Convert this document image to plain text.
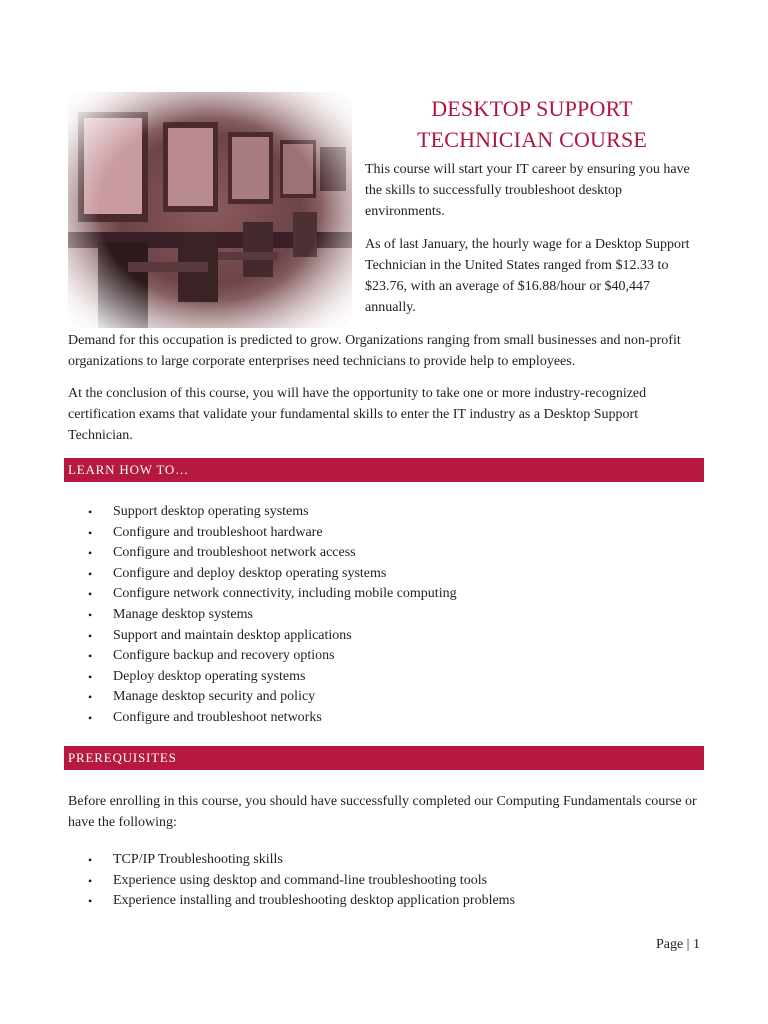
DESKTOP SUPPORT
TECHNICIAN COURSE

This course will start your IT career by ensuring you have the skills to successfully troubleshoot desktop environments.

As of last January, the hourly wage for a Desktop Support Technician in the United States ranged from $12.33 to $23.76, with an average of $16.88/hour or $40,447 annually.

Demand for this occupation is predicted to grow. Organizations ranging from small businesses and non-profit organizations to large corporate enterprises need technicians to provide help to employees.

At the conclusion of this course, you will have the opportunity to take one or more industry-recognized certification exams that validate your fundamental skills to enter the IT industry as a Desktop Support Technician.

LEARN HOW TO…
• Support desktop operating systems
• Configure and troubleshoot hardware
• Configure and troubleshoot network access
• Configure and deploy desktop operating systems
• Configure network connectivity, including mobile computing
• Manage desktop systems
• Support and maintain desktop applications
• Configure backup and recovery options
• Deploy desktop operating systems
• Manage desktop security and policy
• Configure and troubleshoot networks
PREREQUISITES

Before enrolling in this course, you should have successfully completed our Computing Fundamentals course or have the following:

• TCP/IP Troubleshooting skills
• Experience using desktop and command-line troubleshooting tools
• Experience installing and troubleshooting desktop application problems
Page | 1
